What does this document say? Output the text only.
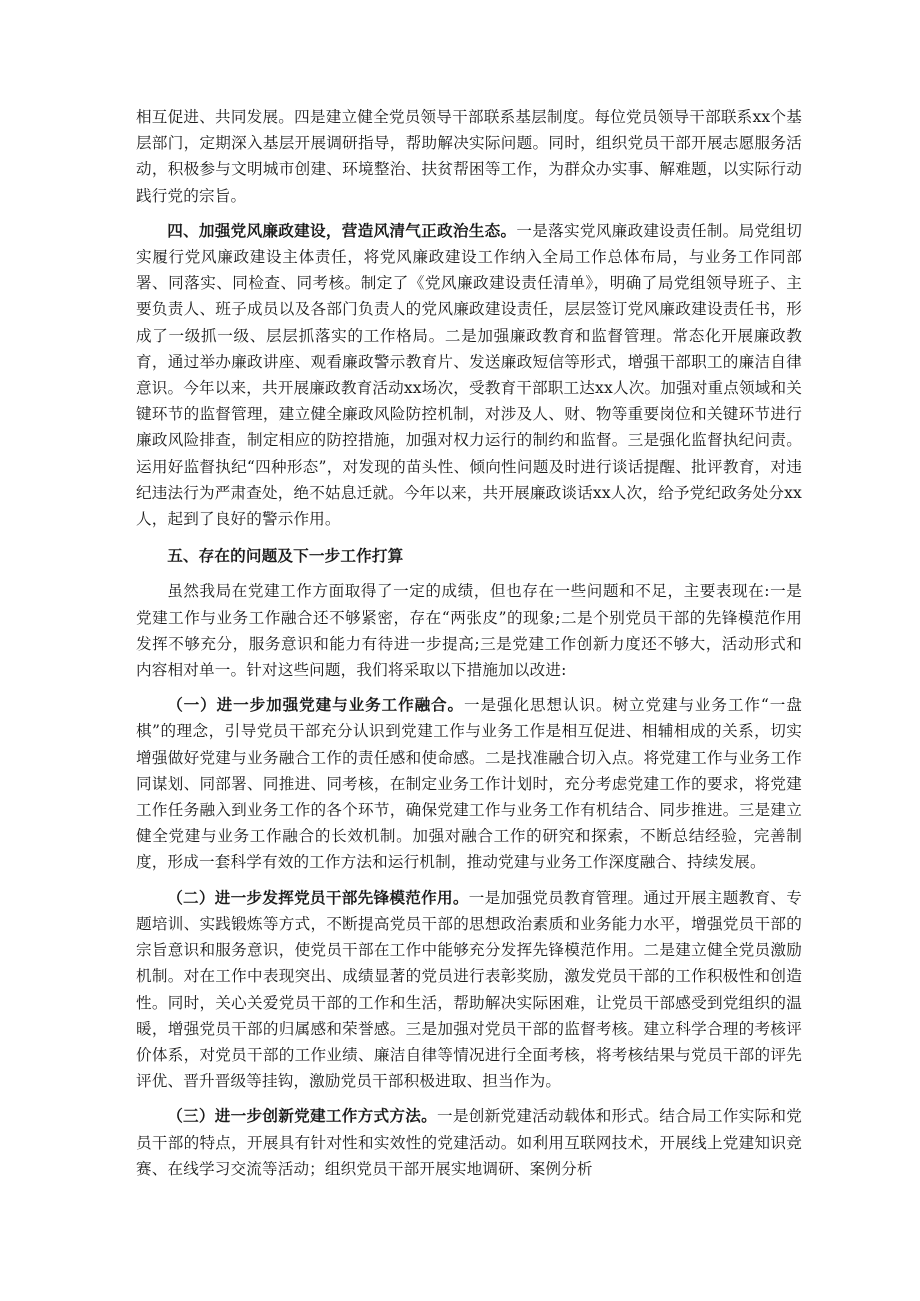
相互促进、共同发展。四是建立健全党员领导干部联系基层制度。每位党员领导干部联系xx个基层部门，定期深入基层开展调研指导，帮助解决实际问题。同时，组织党员干部开展志愿服务活动，积极参与文明城市创建、环境整治、扶贫帮困等工作，为群众办实事、解难题，以实际行动践行党的宗旨。

四、加强党风廉政建设，营造风清气正政治生态。一是落实党风廉政建设责任制。局党组切实履行党风廉政建设主体责任，将党风廉政建设工作纳入全局工作总体布局，与业务工作同部署、同落实、同检查、同考核。制定了《党风廉政建设责任清单》，明确了局党组领导班子、主要负责人、班子成员以及各部门负责人的党风廉政建设责任，层层签订党风廉政建设责任书，形成了一级抓一级、层层抓落实的工作格局。二是加强廉政教育和监督管理。常态化开展廉政教育，通过举办廉政讲座、观看廉政警示教育片、发送廉政短信等形式，增强干部职工的廉洁自律意识。今年以来，共开展廉政教育活动xx场次，受教育干部职工达xx人次。加强对重点领域和关键环节的监督管理，建立健全廉政风险防控机制，对涉及人、财、物等重要岗位和关键环节进行廉政风险排查，制定相应的防控措施，加强对权力运行的制约和监督。三是强化监督执纪问责。运用好监督执纪“四种形态”，对发现的苗头性、倾向性问题及时进行谈话提醒、批评教育，对违纪违法行为严肃查处，绝不姑息迁就。今年以来，共开展廉政谈话xx人次，给予党纪政务处分xx人，起到了良好的警示作用。

五、存在的问题及下一步工作打算

虽然我局在党建工作方面取得了一定的成绩，但也存在一些问题和不足，主要表现在:一是党建工作与业务工作融合还不够紧密，存在“两张皮”的现象;二是个别党员干部的先锋模范作用发挥不够充分，服务意识和能力有待进一步提高;三是党建工作创新力度还不够大，活动形式和内容相对单一。针对这些问题，我们将采取以下措施加以改进:

（一）进一步加强党建与业务工作融合。一是强化思想认识。树立党建与业务工作“一盘棋”的理念，引导党员干部充分认识到党建工作与业务工作是相互促进、相辅相成的关系，切实增强做好党建与业务融合工作的责任感和使命感。二是找准融合切入点。将党建工作与业务工作同谋划、同部署、同推进、同考核，在制定业务工作计划时，充分考虑党建工作的要求，将党建工作任务融入到业务工作的各个环节，确保党建工作与业务工作有机结合、同步推进。三是建立健全党建与业务工作融合的长效机制。加强对融合工作的研究和探索，不断总结经验，完善制度，形成一套科学有效的工作方法和运行机制，推动党建与业务工作深度融合、持续发展。

（二）进一步发挥党员干部先锋模范作用。一是加强党员教育管理。通过开展主题教育、专题培训、实践锻炼等方式，不断提高党员干部的思想政治素质和业务能力水平，增强党员干部的宗旨意识和服务意识，使党员干部在工作中能够充分发挥先锋模范作用。二是建立健全党员激励机制。对在工作中表现突出、成绩显著的党员进行表彰奖励，激发党员干部的工作积极性和创造性。同时，关心关爱党员干部的工作和生活，帮助解决实际困难，让党员干部感受到党组织的温暖，增强党员干部的归属感和荣誉感。三是加强对党员干部的监督考核。建立科学合理的考核评价体系，对党员干部的工作业绩、廉洁自律等情况进行全面考核，将考核结果与党员干部的评先评优、晋升晋级等挂钩，激励党员干部积极进取、担当作为。

（三）进一步创新党建工作方式方法。一是创新党建活动载体和形式。结合局工作实际和党员干部的特点，开展具有针对性和实效性的党建活动。如利用互联网技术，开展线上党建知识竞赛、在线学习交流等活动；组织党员干部开展实地调研、案例分析
